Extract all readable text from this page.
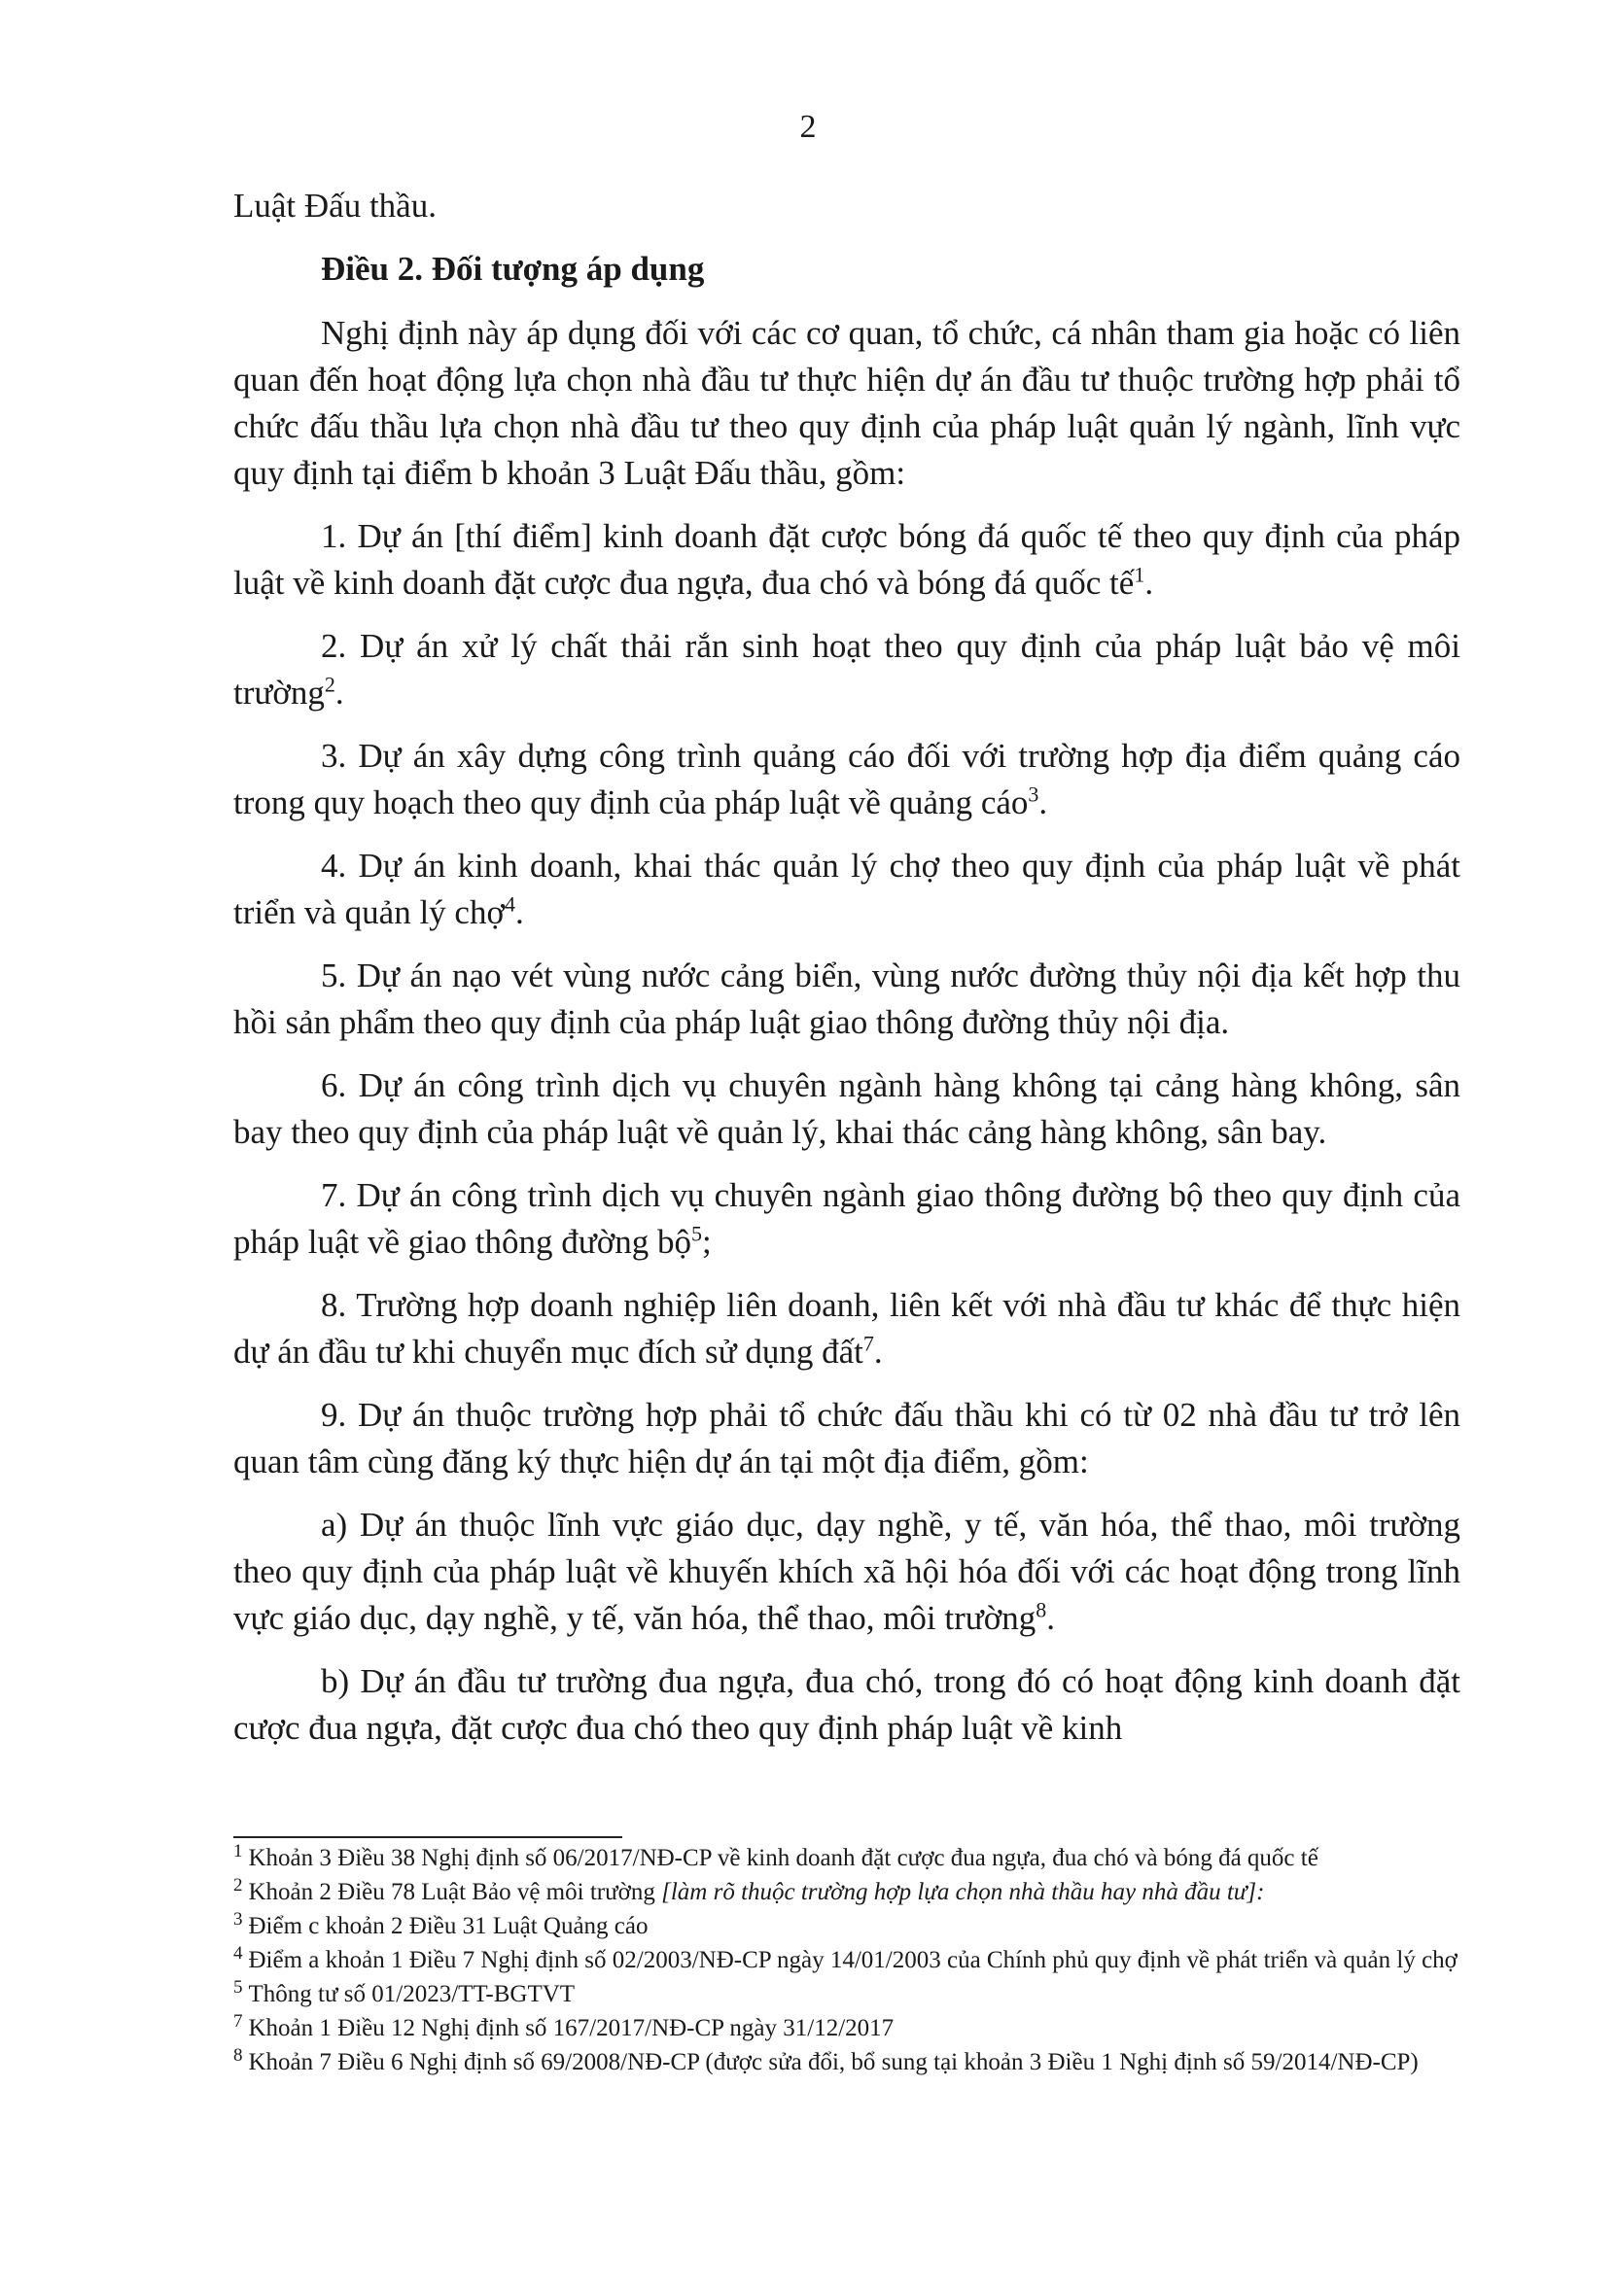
2

Luật Đấu thầu.

Điều 2. Đối tượng áp dụng

Nghị định này áp dụng đối với các cơ quan, tổ chức, cá nhân tham gia hoặc có liên quan đến hoạt động lựa chọn nhà đầu tư thực hiện dự án đầu tư thuộc trường hợp phải tổ chức đấu thầu lựa chọn nhà đầu tư theo quy định của pháp luật quản lý ngành, lĩnh vực quy định tại điểm b khoản 3 Luật Đấu thầu, gồm:

1. Dự án [thí điểm] kinh doanh đặt cược bóng đá quốc tế theo quy định của pháp luật về kinh doanh đặt cược đua ngựa, đua chó và bóng đá quốc tế$^1$.

2. Dự án xử lý chất thải rắn sinh hoạt theo quy định của pháp luật bảo vệ môi trường$^2$.

3. Dự án xây dựng công trình quảng cáo đối với trường hợp địa điểm quảng cáo trong quy hoạch theo quy định của pháp luật về quảng cáo$^3$.

4. Dự án kinh doanh, khai thác quản lý chợ theo quy định của pháp luật về phát triển và quản lý chợ$^4$.

5. Dự án nạo vét vùng nước cảng biển, vùng nước đường thủy nội địa kết hợp thu hồi sản phẩm theo quy định của pháp luật giao thông đường thủy nội địa.

6. Dự án công trình dịch vụ chuyên ngành hàng không tại cảng hàng không, sân bay theo quy định của pháp luật về quản lý, khai thác cảng hàng không, sân bay.

7. Dự án công trình dịch vụ chuyên ngành giao thông đường bộ theo quy định của pháp luật về giao thông đường bộ$^5$;

8. Trường hợp doanh nghiệp liên doanh, liên kết với nhà đầu tư khác để thực hiện dự án đầu tư khi chuyển mục đích sử dụng đất$^7$.

9. Dự án thuộc trường hợp phải tổ chức đấu thầu khi có từ 02 nhà đầu tư trở lên quan tâm cùng đăng ký thực hiện dự án tại một địa điểm, gồm:

a) Dự án thuộc lĩnh vực giáo dục, dạy nghề, y tế, văn hóa, thể thao, môi trường theo quy định của pháp luật về khuyến khích xã hội hóa đối với các hoạt động trong lĩnh vực giáo dục, dạy nghề, y tế, văn hóa, thể thao, môi trường$^8$.

b) Dự án đầu tư trường đua ngựa, đua chó, trong đó có hoạt động kinh doanh đặt cược đua ngựa, đặt cược đua chó theo quy định pháp luật về kinh

$^1$ Khoản 3 Điều 38 Nghị định số 06/2017/NĐ-CP về kinh doanh đặt cược đua ngựa, đua chó và bóng đá quốc tế
$^2$ Khoản 2 Điều 78 Luật Bảo vệ môi trường [làm rõ thuộc trường hợp lựa chọn nhà thầu hay nhà đầu tư]:
$^3$ Điểm c khoản 2 Điều 31 Luật Quảng cáo
$^4$ Điểm a khoản 1 Điều 7 Nghị định số 02/2003/NĐ-CP ngày 14/01/2003 của Chính phủ quy định về phát triển và quản lý chợ
$^5$ Thông tư số 01/2023/TT-BGTVT
$^7$ Khoản 1 Điều 12 Nghị định số 167/2017/NĐ-CP ngày 31/12/2017
$^8$ Khoản 7 Điều 6 Nghị định số 69/2008/NĐ-CP (được sửa đổi, bổ sung tại khoản 3 Điều 1 Nghị định số 59/2014/NĐ-CP)
